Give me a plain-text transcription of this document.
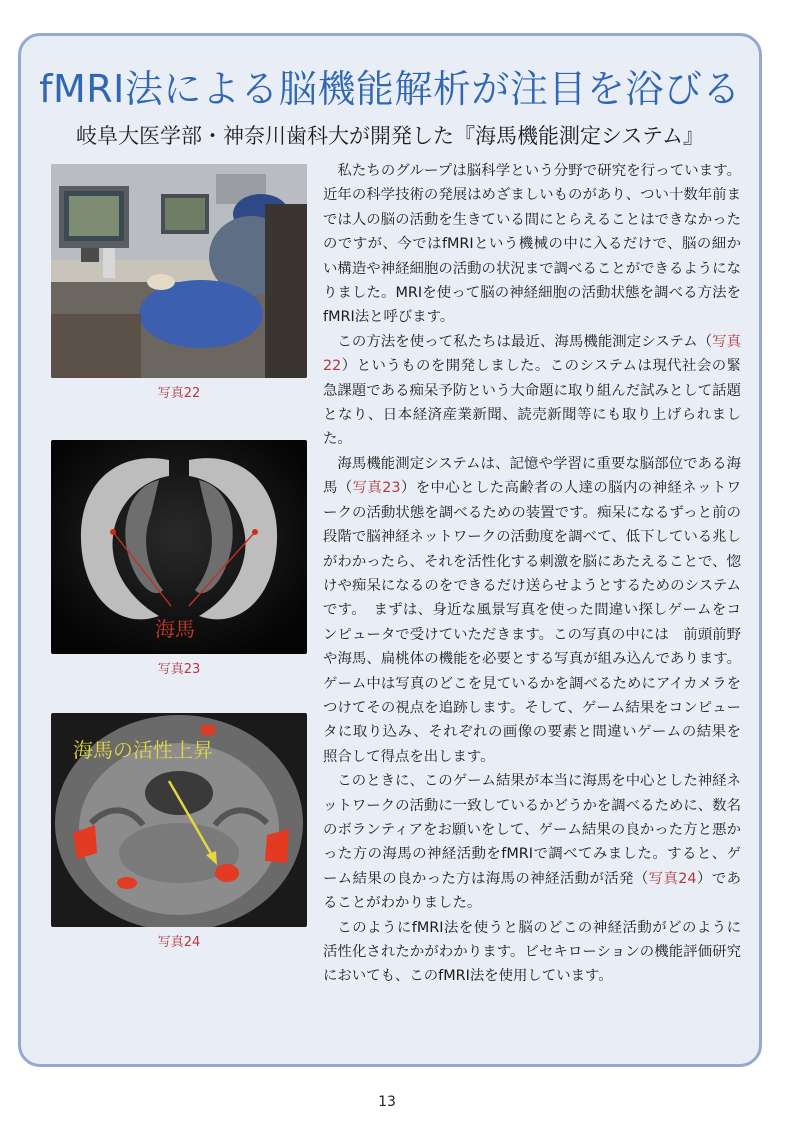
fMRI法による脳機能解析が注目を浴びる
岐阜大医学部・神奈川歯科大が開発した『海馬機能測定システム』
写真22
海馬
写真23
海馬の活性上昇
写真24

私たちのグループは脳科学という分野で研究を行っています。近年の科学技術の発展はめざましいものがあり、つい十数年前までは人の脳の活動を生きている間にとらえることはできなかったのですが、今ではfMRIという機械の中に入るだけで、脳の細かい構造や神経細胞の活動の状況まで調べることができるようになりました。MRIを使って脳の神経細胞の活動状態を調べる方法をfMRI法と呼びます。

この方法を使って私たちは最近、海馬機能測定システム（写真22）というものを開発しました。このシステムは現代社会の緊急課題である痴呆予防という大命題に取り組んだ試みとして話題となり、日本経済産業新聞、読売新聞等にも取り上げられました。

海馬機能測定システムは、記憶や学習に重要な脳部位である海馬（写真23）を中心とした高齢者の人達の脳内の神経ネットワークの活動状態を調べるための装置です。痴呆になるずっと前の段階で脳神経ネットワークの活動度を調べて、低下している兆しがわかったら、それを活性化する刺激を脳にあたえることで、惚けや痴呆になるのをできるだけ送らせようとするためのシステムです。　まずは、身近な風景写真を使った間違い探しゲームをコンピュータで受けていただきます。この写真の中には　前頭前野や海馬、扁桃体の機能を必要とする写真が組み込んであります。ゲーム中は写真のどこを見ているかを調べるためにアイカメラをつけてその視点を追跡します。そして、ゲーム結果をコンピュータに取り込み、それぞれの画像の要素と間違いゲームの結果を照合して得点を出します。

このときに、このゲーム結果が本当に海馬を中心とした神経ネットワークの活動に一致しているかどうかを調べるために、数名のボランティアをお願いをして、ゲーム結果の良かった方と悪かった方の海馬の神経活動をfMRIで調べてみました。すると、ゲーム結果の良かった方は海馬の神経活動が活発（写真24）であることがわかりました。

このようにfMRI法を使うと脳のどこの神経活動がどのように活性化されたかがわかります。ビセキローションの機能評価研究においても、このfMRI法を使用しています。

13
